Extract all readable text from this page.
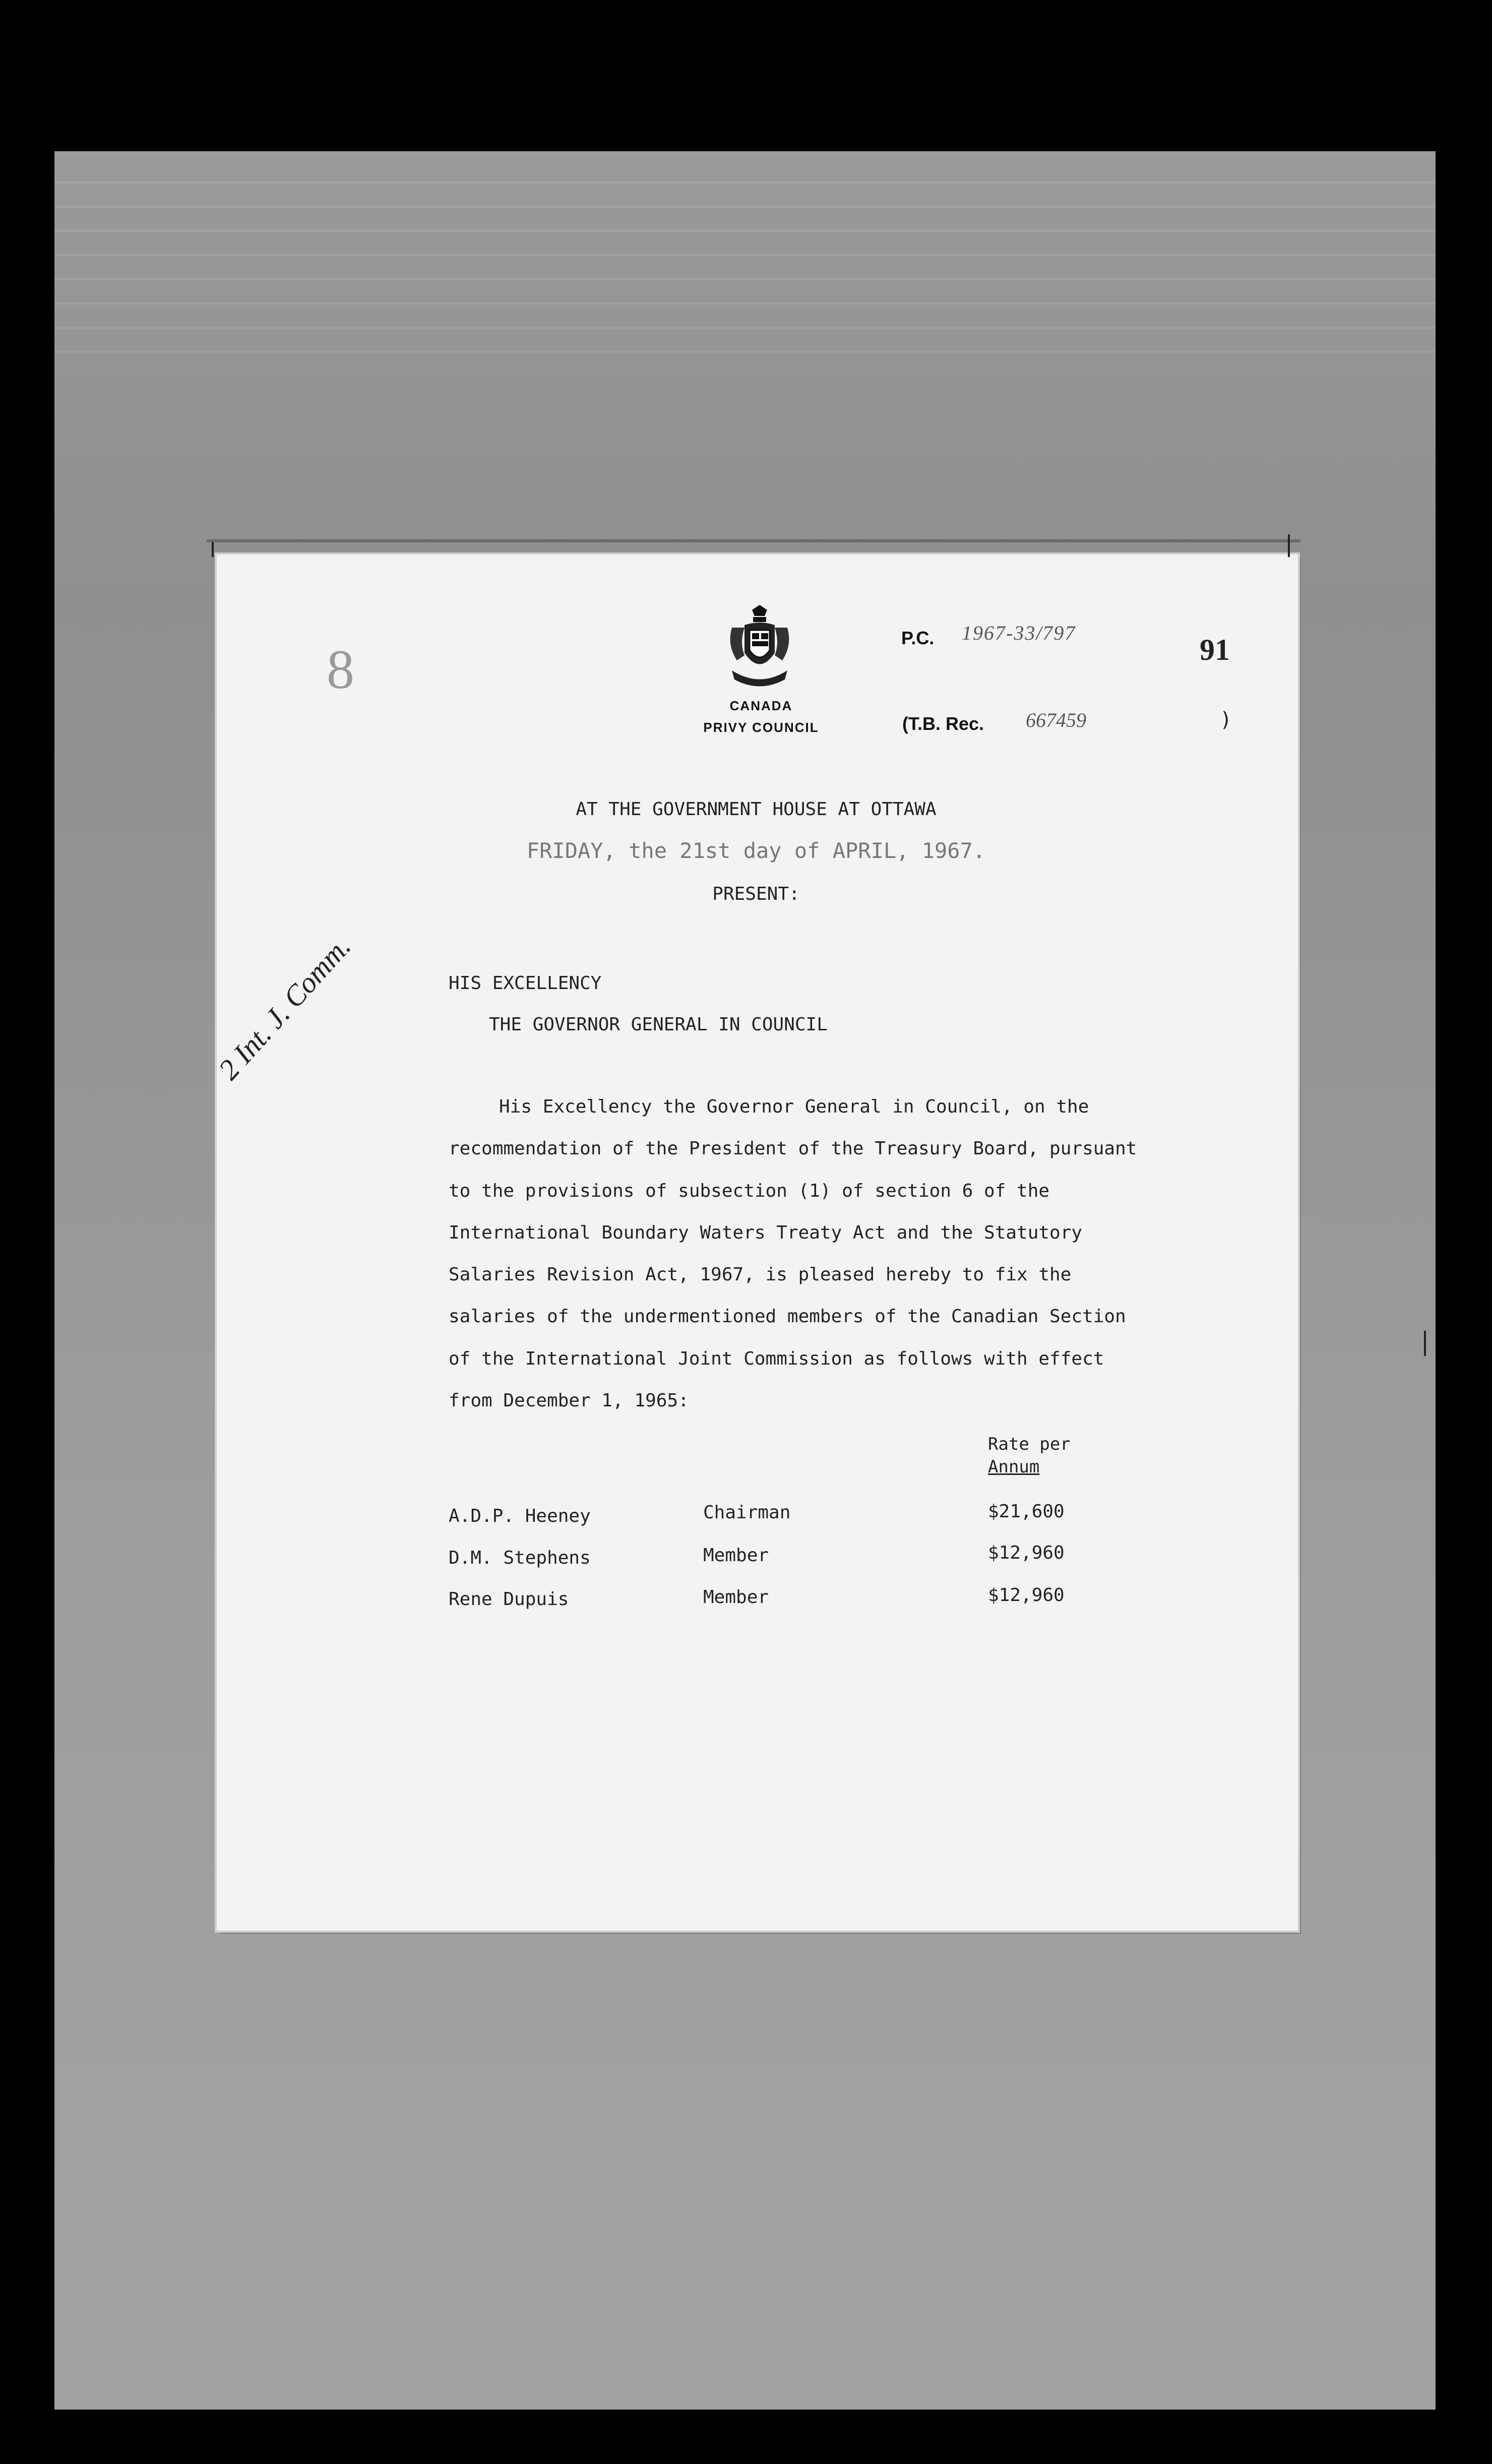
8
CANADA
PRIVY COUNCIL
P.C. 1967-33/797
(T.B. Rec. 667459	)
91
AT THE GOVERNMENT HOUSE AT OTTAWA
FRIDAY, the 21st day of APRIL, 1967.
PRESENT:
HIS EXCELLENCY
THE GOVERNOR GENERAL IN COUNCIL
2 Int. J. Comm.
His Excellency the Governor General in Council, on the
recommendation of the President of the Treasury Board, pursuant
to the provisions of subsection (1) of section 6 of the
International Boundary Waters Treaty Act and the Statutory
Salaries Revision Act, 1967, is pleased hereby to fix the
salaries of the undermentioned members of the Canadian Section
of the International Joint Commission as follows with effect
from December 1, 1965:
Rate per
Annum
A.D.P. Heeney	Chairman	$21,600
D.M. Stephens	Member	$12,960
Rene Dupuis	Member	$12,960
